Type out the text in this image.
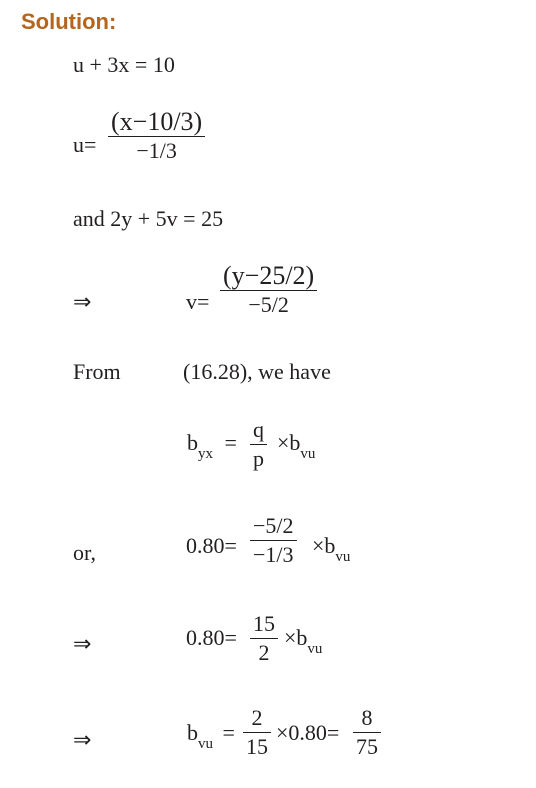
Solution:
u + 3x = 10
u=
(x−10/3)
−1/3
and 2y + 5v = 25
⇒	v=
(y−25/2)
−5/2
From	(16.28), we have
$b_{yx}$ =
q
p
$\times b_{vu}$
or,	0.80=
−5/2
$-1/3 \times b_{vu}$
⇒	0.80=
15
2
$\times b_{vu}$
⇒	$b_{vu}$ =
2
15
×0.80=
8
75
